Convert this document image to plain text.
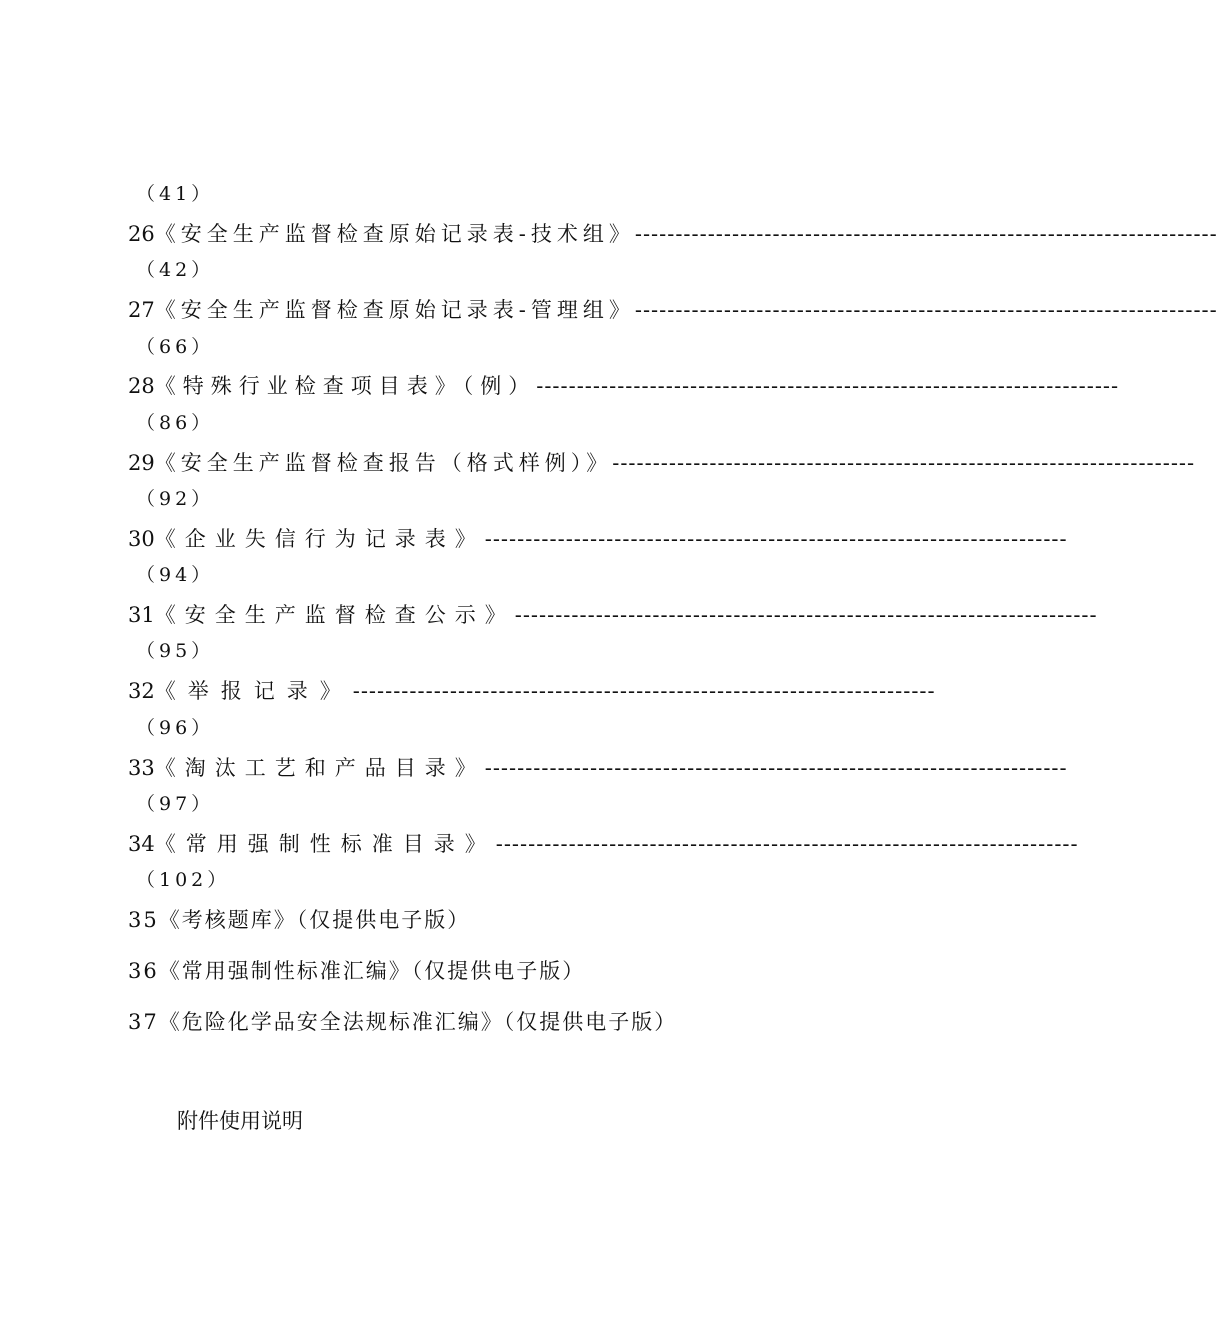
（41）
26 《安全生产监督检查原始记录表-技术组》 ------------------------------------------------------------------------
（42）
27 《安全生产监督检查原始记录表-管理组》 ------------------------------------------------------------------------
（66）
28 《特殊行业检查项目表》（例） ------------------------------------------------------------------------
（86）
29 《安全生产监督检查报告（格式样例）》 ------------------------------------------------------------------------
（92）
30 《企业失信行为记录表》 ------------------------------------------------------------------------
（94）
31 《安全生产监督检查公示》 ------------------------------------------------------------------------
（95）
32 《举报记录》 ------------------------------------------------------------------------
（96）
33 《淘汰工艺和产品目录》 ------------------------------------------------------------------------
（97）
34 《常用强制性标准目录》 ------------------------------------------------------------------------
（102）
35《考核题库》（仅提供电子版）
36《常用强制性标准汇编》（仅提供电子版）
37《危险化学品安全法规标准汇编》（仅提供电子版）
附件使用说明
